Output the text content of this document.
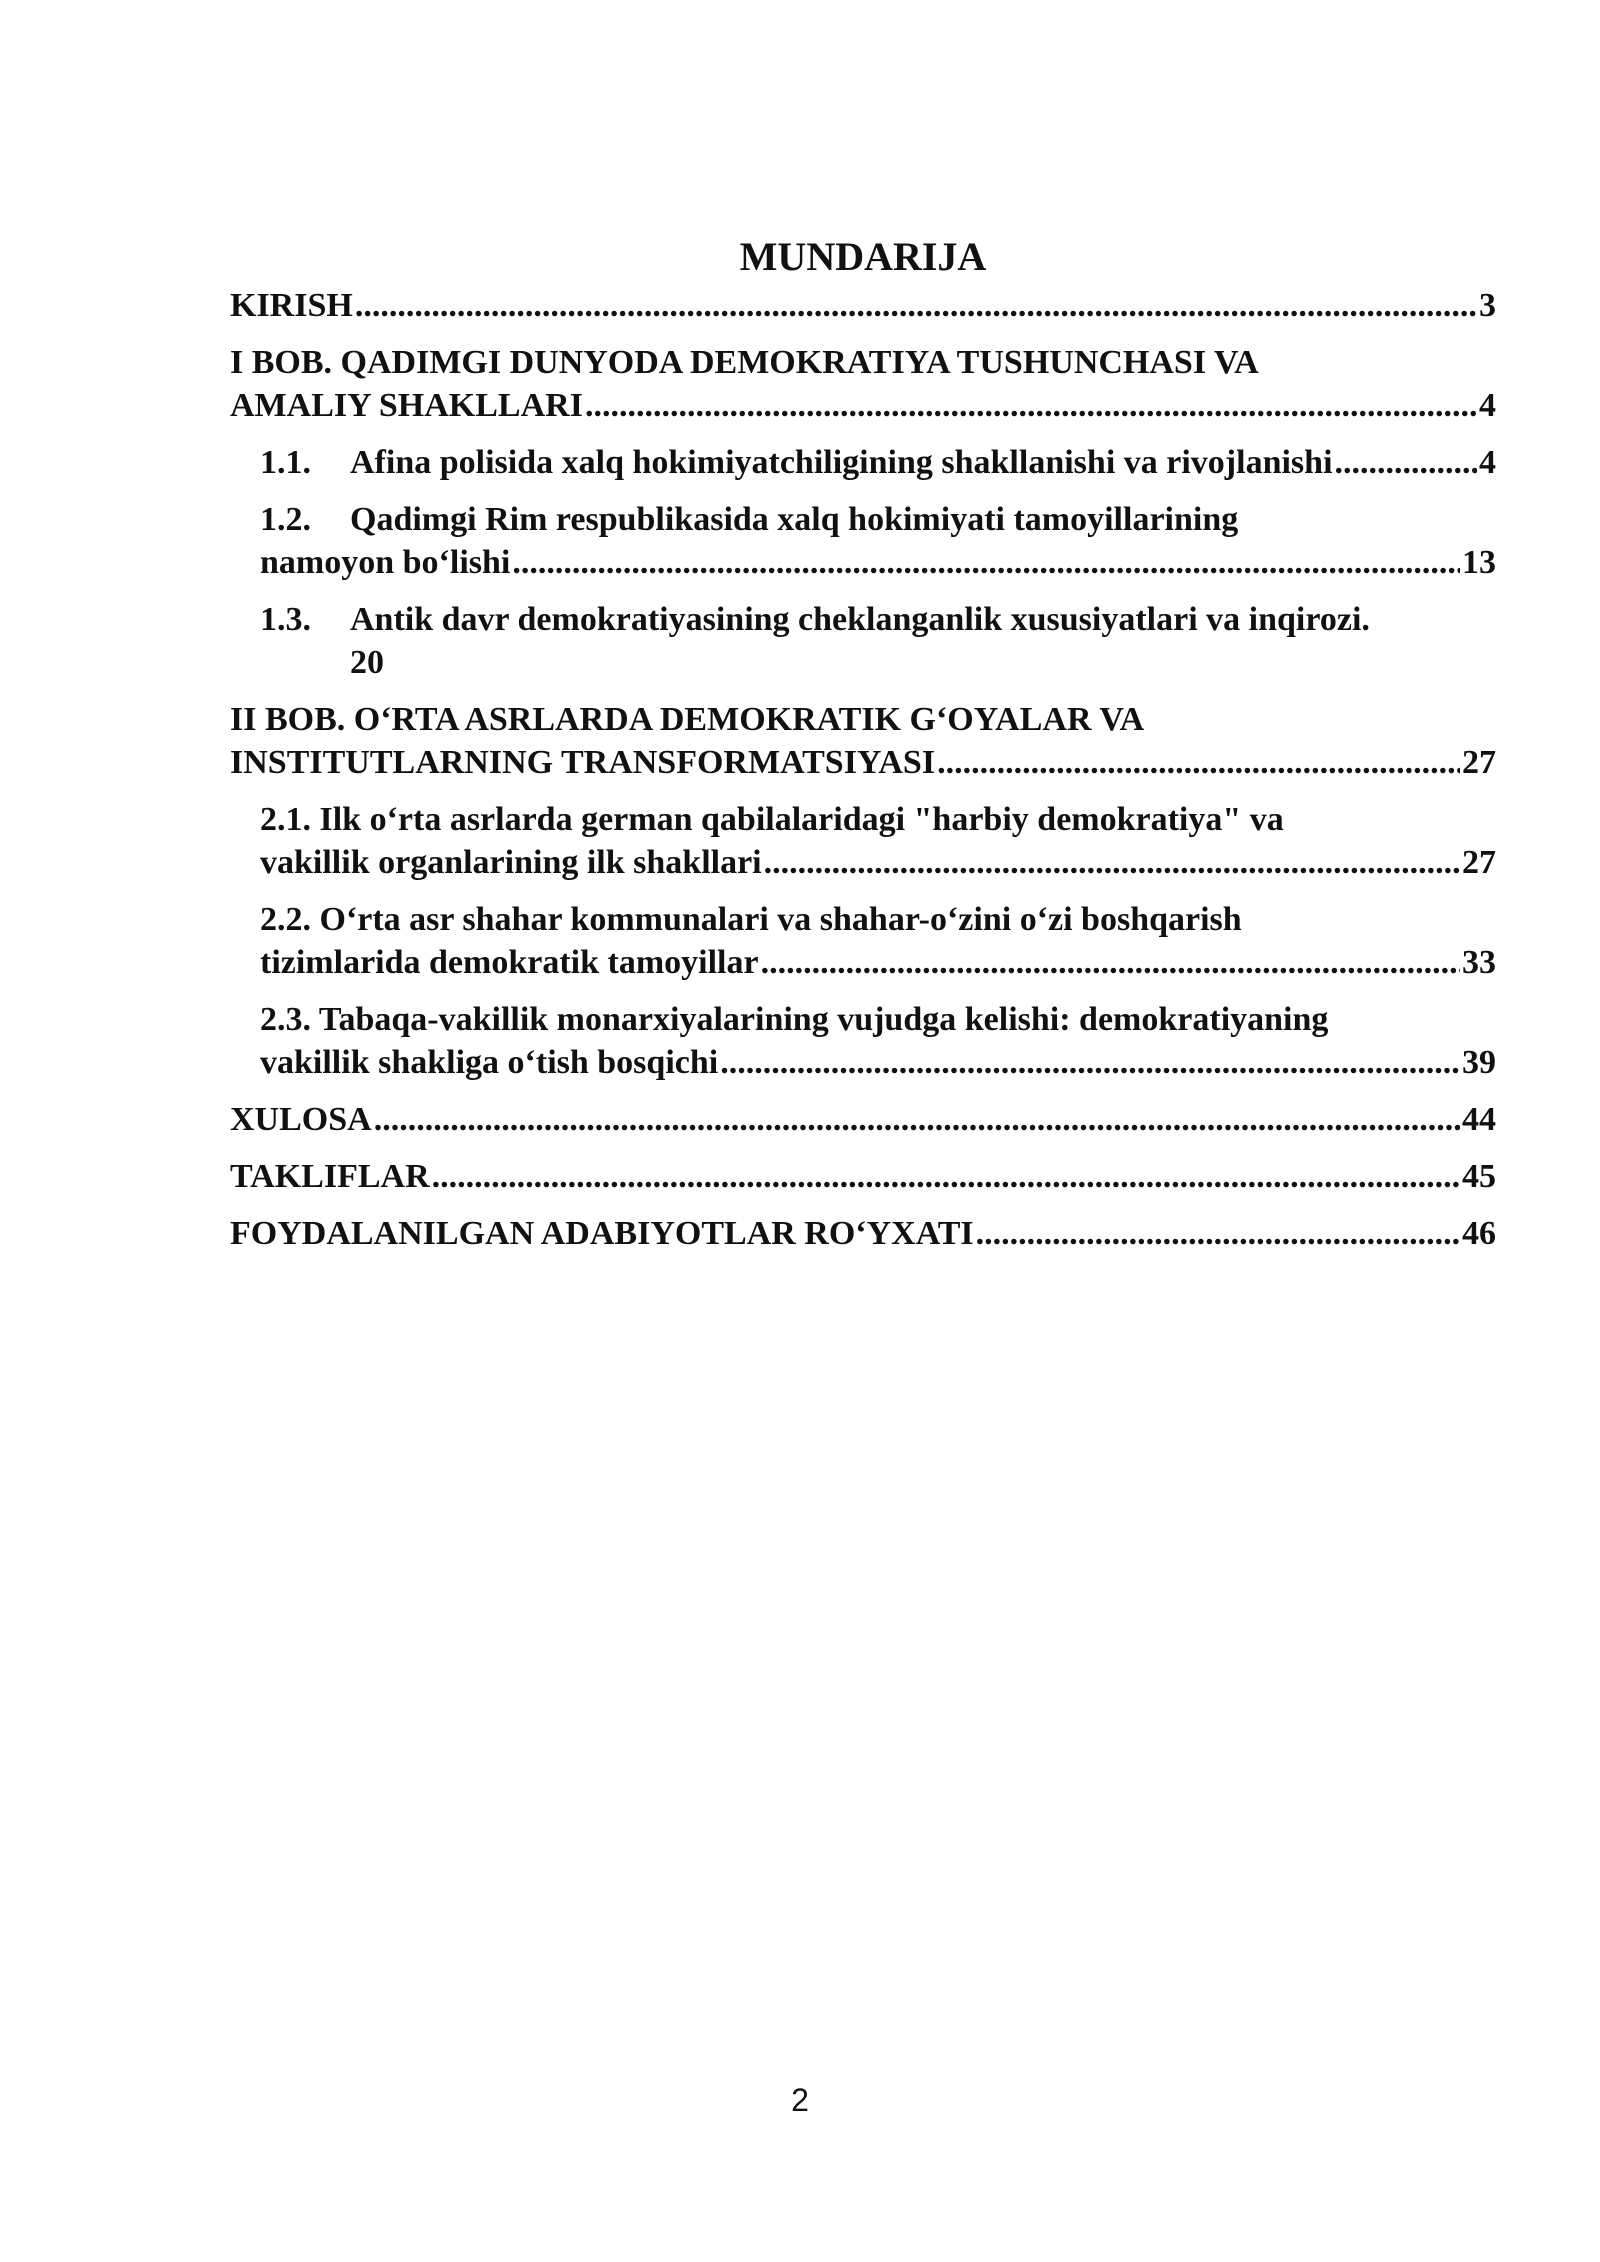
MUNDARIJA
KIRISH .....	3
I BOB. QADIMGI DUNYODA DEMOKRATIYA TUSHUNCHASI VA
AMALIY SHAKLLARI .....	4
1.1. Afina polisida xalq hokimiyatchiligining shakllanishi va rivojlanishi .....	4
1.2. Qadimgi Rim respublikasida xalq hokimiyati tamoyillarining
namoyon bo‘lishi .....	13
1.3. Antik davr demokratiyasining cheklanganlik xususiyatlari va inqirozi.
20
II BOB. O‘RTA ASRLARDA DEMOKRATIK G‘OYALAR VA
INSTITUTLARNING TRANSFORMATSIYASI .....	27
2.1. Ilk o‘rta asrlarda german qabilalaridagi "harbiy demokratiya" va
vakillik organlarining ilk shakllari .....	27
2.2. O‘rta asr shahar kommunalari va shahar-o‘zini o‘zi boshqarish
tizimlarida demokratik tamoyillar .....	33
2.3. Tabaqa-vakillik monarxiyalarining vujudga kelishi: demokratiyaning
vakillik shakliga o‘tish bosqichi .....	39
XULOSA .....	44
TAKLIFLAR .....	45
FOYDALANILGAN ADABIYOTLAR RO‘YXATI .....	46
2
